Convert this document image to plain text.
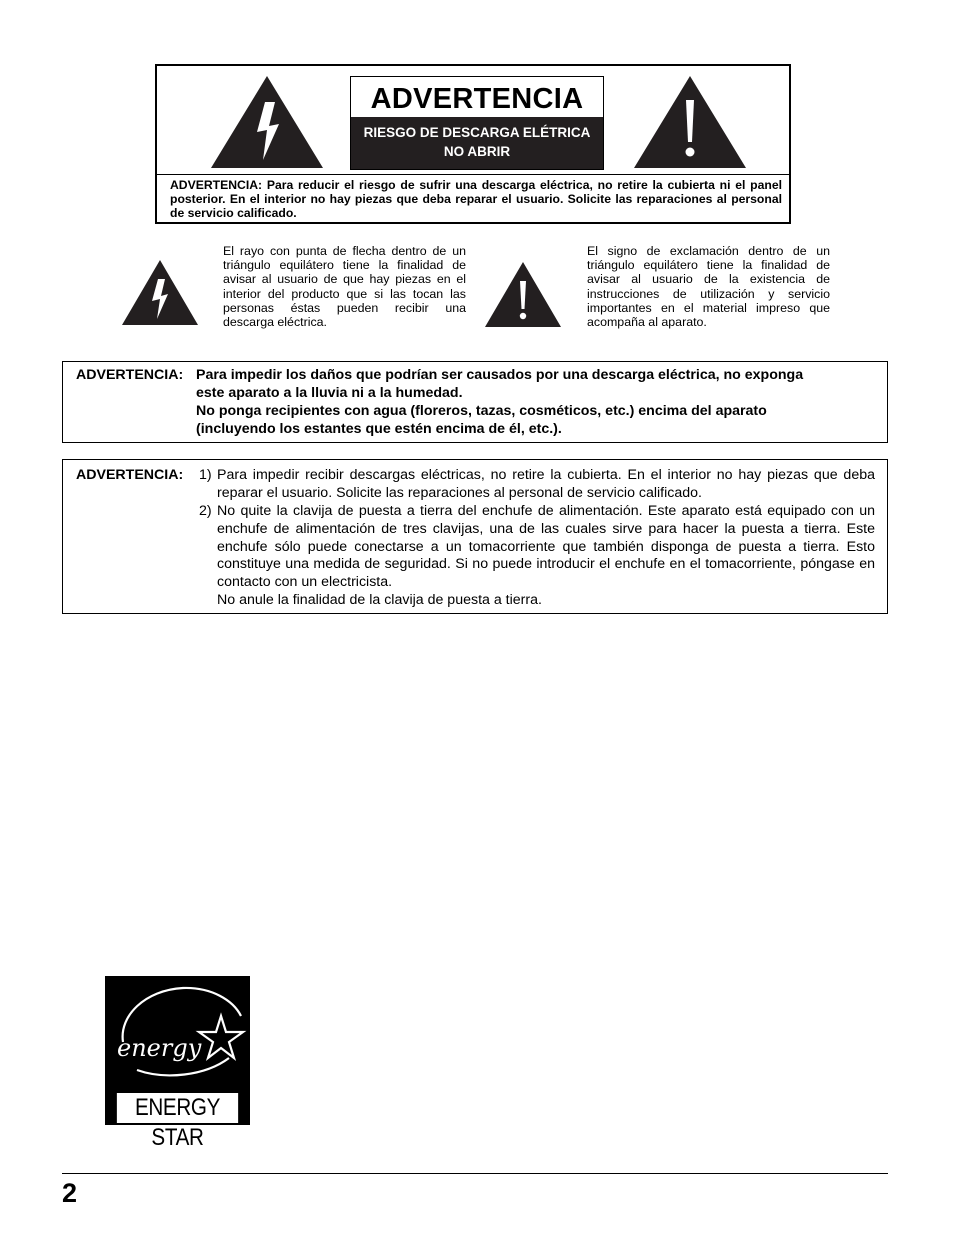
ADVERTENCIA
RIESGO DE DESCARGA ELÉTRICA
NO ABRIR
ADVERTENCIA: Para reducir el riesgo de sufrir una descarga eléctrica, no retire la cubierta ni el panel posterior. En el interior no hay piezas que deba reparar el usuario. Solicite las reparaciones al personal de servicio calificado.
El rayo con punta de flecha dentro de un triángulo equilátero tiene la finalidad de avisar al usuario de que hay piezas en el interior del producto que si las tocan las personas éstas pueden recibir una descarga eléctrica.
El signo de exclamación dentro de un triángulo equilátero tiene la finalidad de avisar al usuario de la existencia de instrucciones de utilización y servicio importantes en el material impreso que acompaña al aparato.
ADVERTENCIA: Para impedir los daños que podrían ser causados por una descarga eléctrica, no exponga
este aparato a la lluvia ni a la humedad.
No ponga recipientes con agua (floreros, tazas, cosméticos, etc.) encima del aparato
(incluyendo los estantes que estén encima de él, etc.).
ADVERTENCIA: 1) Para impedir recibir descargas eléctricas, no retire la cubierta. En el interior no hay piezas que deba reparar el usuario. Solicite las reparaciones al personal de servicio calificado.
2) No quite la clavija de puesta a tierra del enchufe de alimentación. Este aparato está equipado con un enchufe de alimentación de tres clavijas, una de las cuales sirve para hacer la puesta a tierra. Este enchufe sólo puede conectarse a un tomacorriente que también disponga de puesta a tierra. Esto constituye una medida de seguridad. Si no puede introducir el enchufe en el tomacorriente, póngase en contacto con un electricista.
No anule la finalidad de la clavija de puesta a tierra.
energy
ENERGY STAR
2
